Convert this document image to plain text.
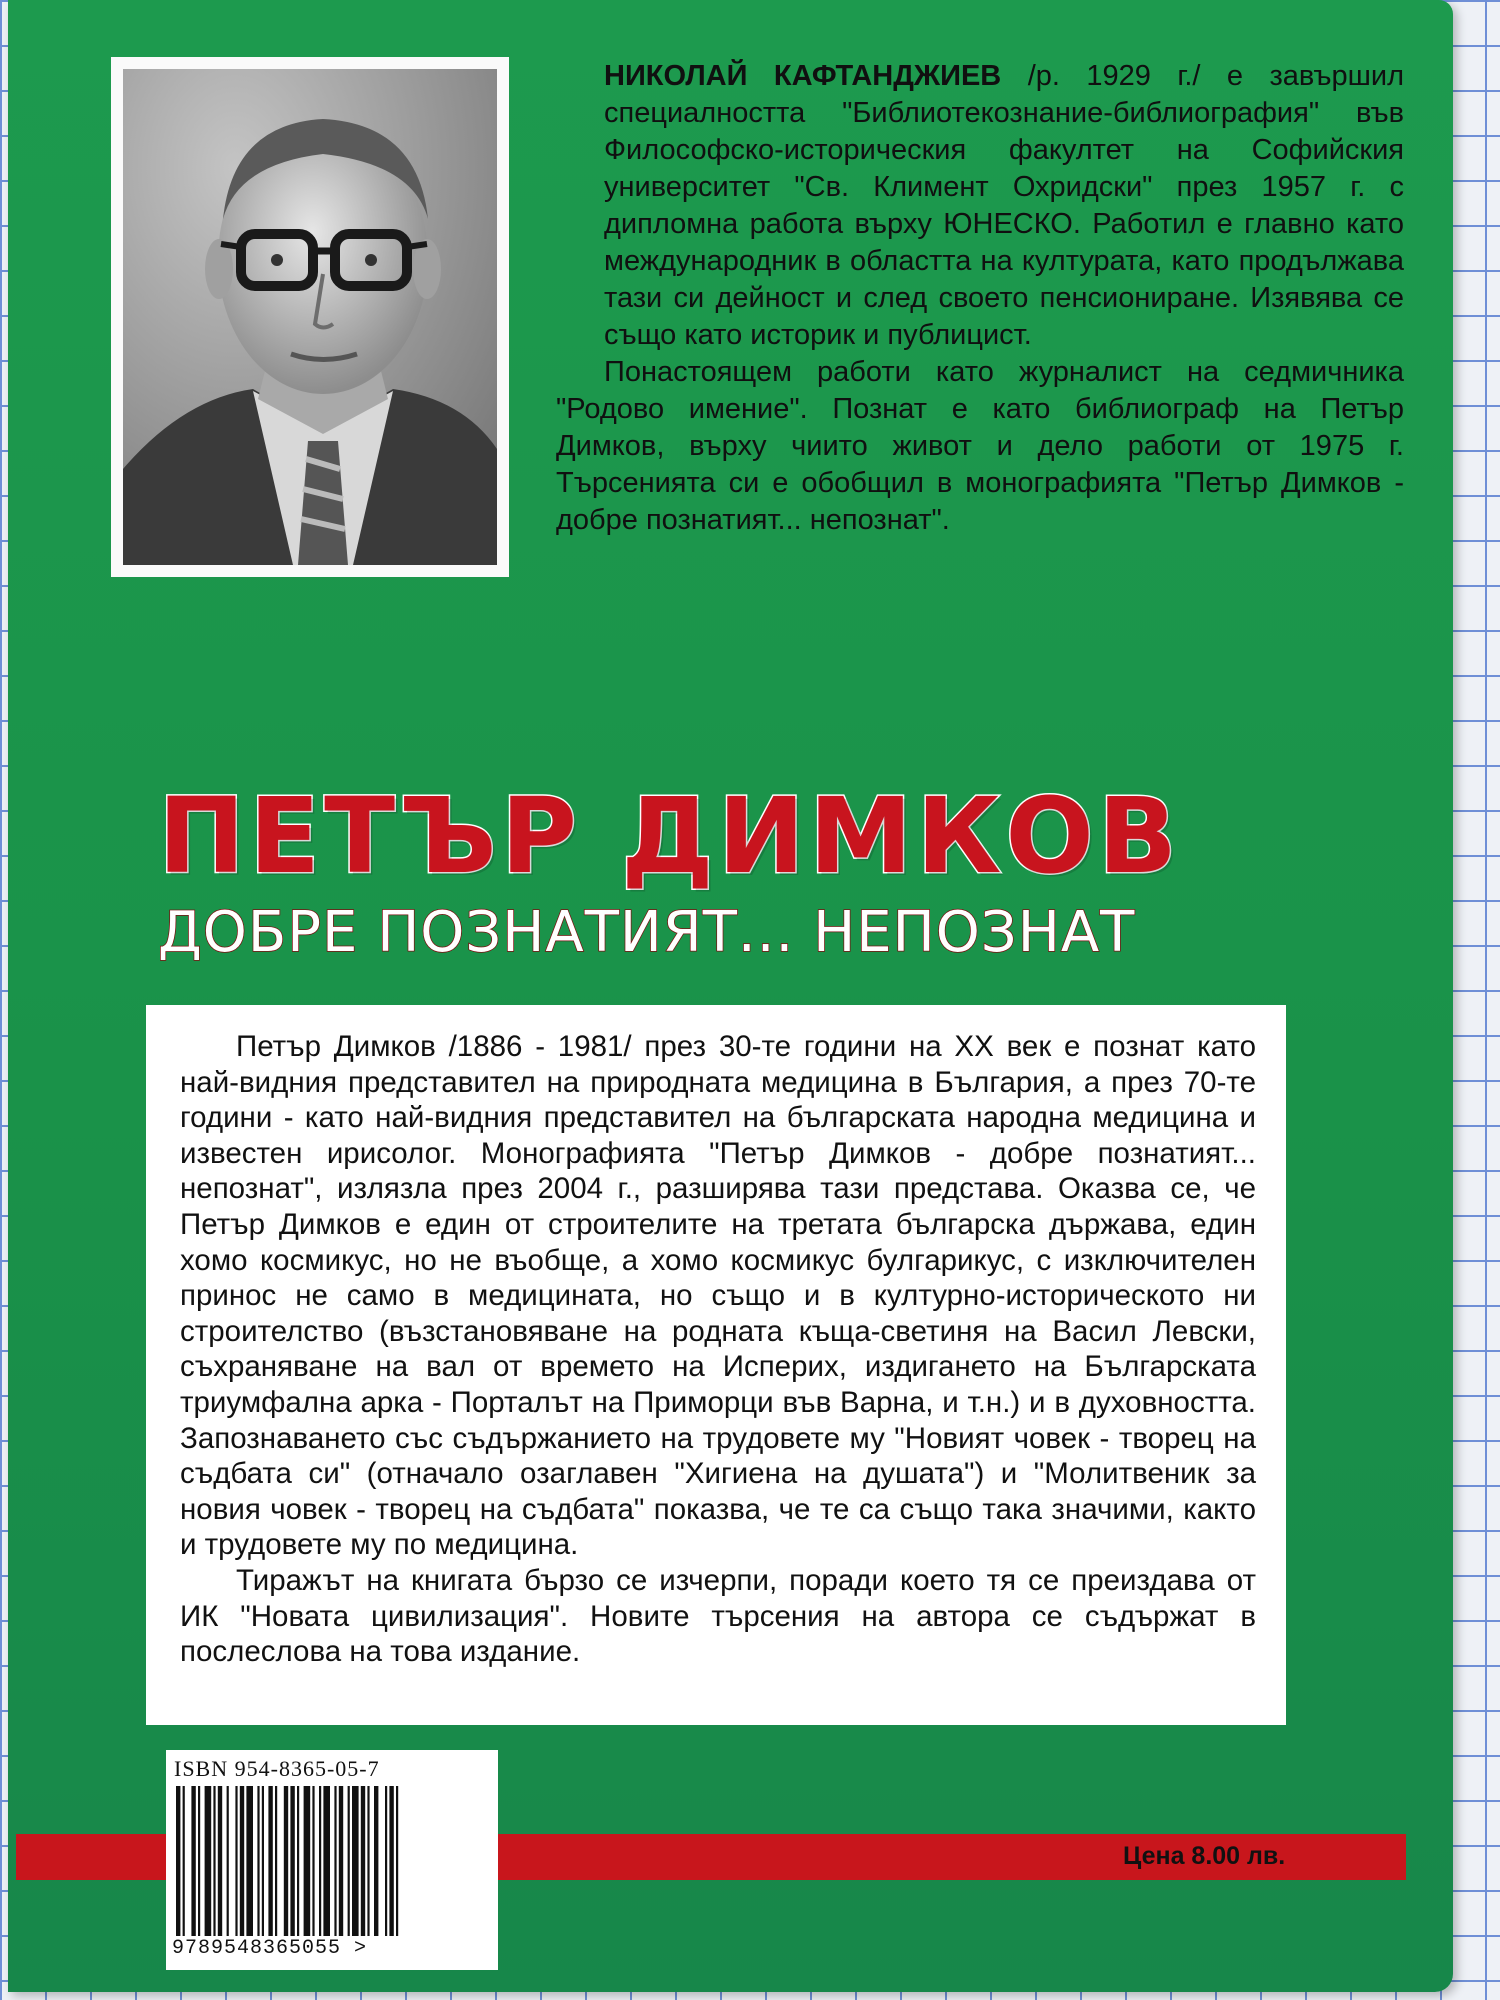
НИКОЛАЙ КАФТАНДЖИЕВ /р. 1929 г./ е завършил специалността "Библиотекознание-библиография" във Философско-историческия факултет на Софийския университет "Св. Климент Охридски" през 1957 г. с дипломна работа върху ЮНЕСКО. Работил е главно като международник в областта на културата, като продължава тази си дейност и след своето пенсиониране. Изявява се също като историк и публицист.

Понастоящем работи като журналист на седмичника "Родово имение". Познат е като библиограф на Петър Димков, върху чиито живот и дело работи от 1975 г. Търсенията си е обобщил в монографията "Петър Димков - добре познатият... непознат".

ПЕТЪР ДИМКОВ
ДОБРЕ ПОЗНАТИЯТ... НЕПОЗНАТ

Петър Димков /1886 - 1981/ през 30-те години на XX век е познат като най-видния представител на природната медицина в България, а през 70-те години - като най-видния представител на българската народна медицина и известен ирисолог. Монографията "Петър Димков - добре познатият... непознат", излязла през 2004 г., разширява тази представа. Оказва се, че Петър Димков е един от строителите на третата българска държава, един хомо космикус, но не въобще, а хомо космикус булгарикус, с изключителен принос не само в медицината, но също и в културно-историческото ни строителство (възстановяване на родната къща-светиня на Васил Левски, съхраняване на вал от времето на Исперих, издигането на Българската триумфална арка - Порталът на Приморци във Варна, и т.н.) и в духовността. Запознаването със съдържанието на трудовете му "Новият човек - творец на съдбата си" (отначало озаглавен "Хигиена на душата") и "Молитвеник за новия човек - творец на съдбата" показва, че те са също така значими, както и трудовете му по медицина.

Тиражът на книгата бързо се изчерпи, поради което тя се преиздава от ИК "Новата цивилизация". Новите търсения на автора се съдържат в послеслова на това издание.

Цена 8.00 лв.
ISBN 954-8365-05-7
9789548365055 >
